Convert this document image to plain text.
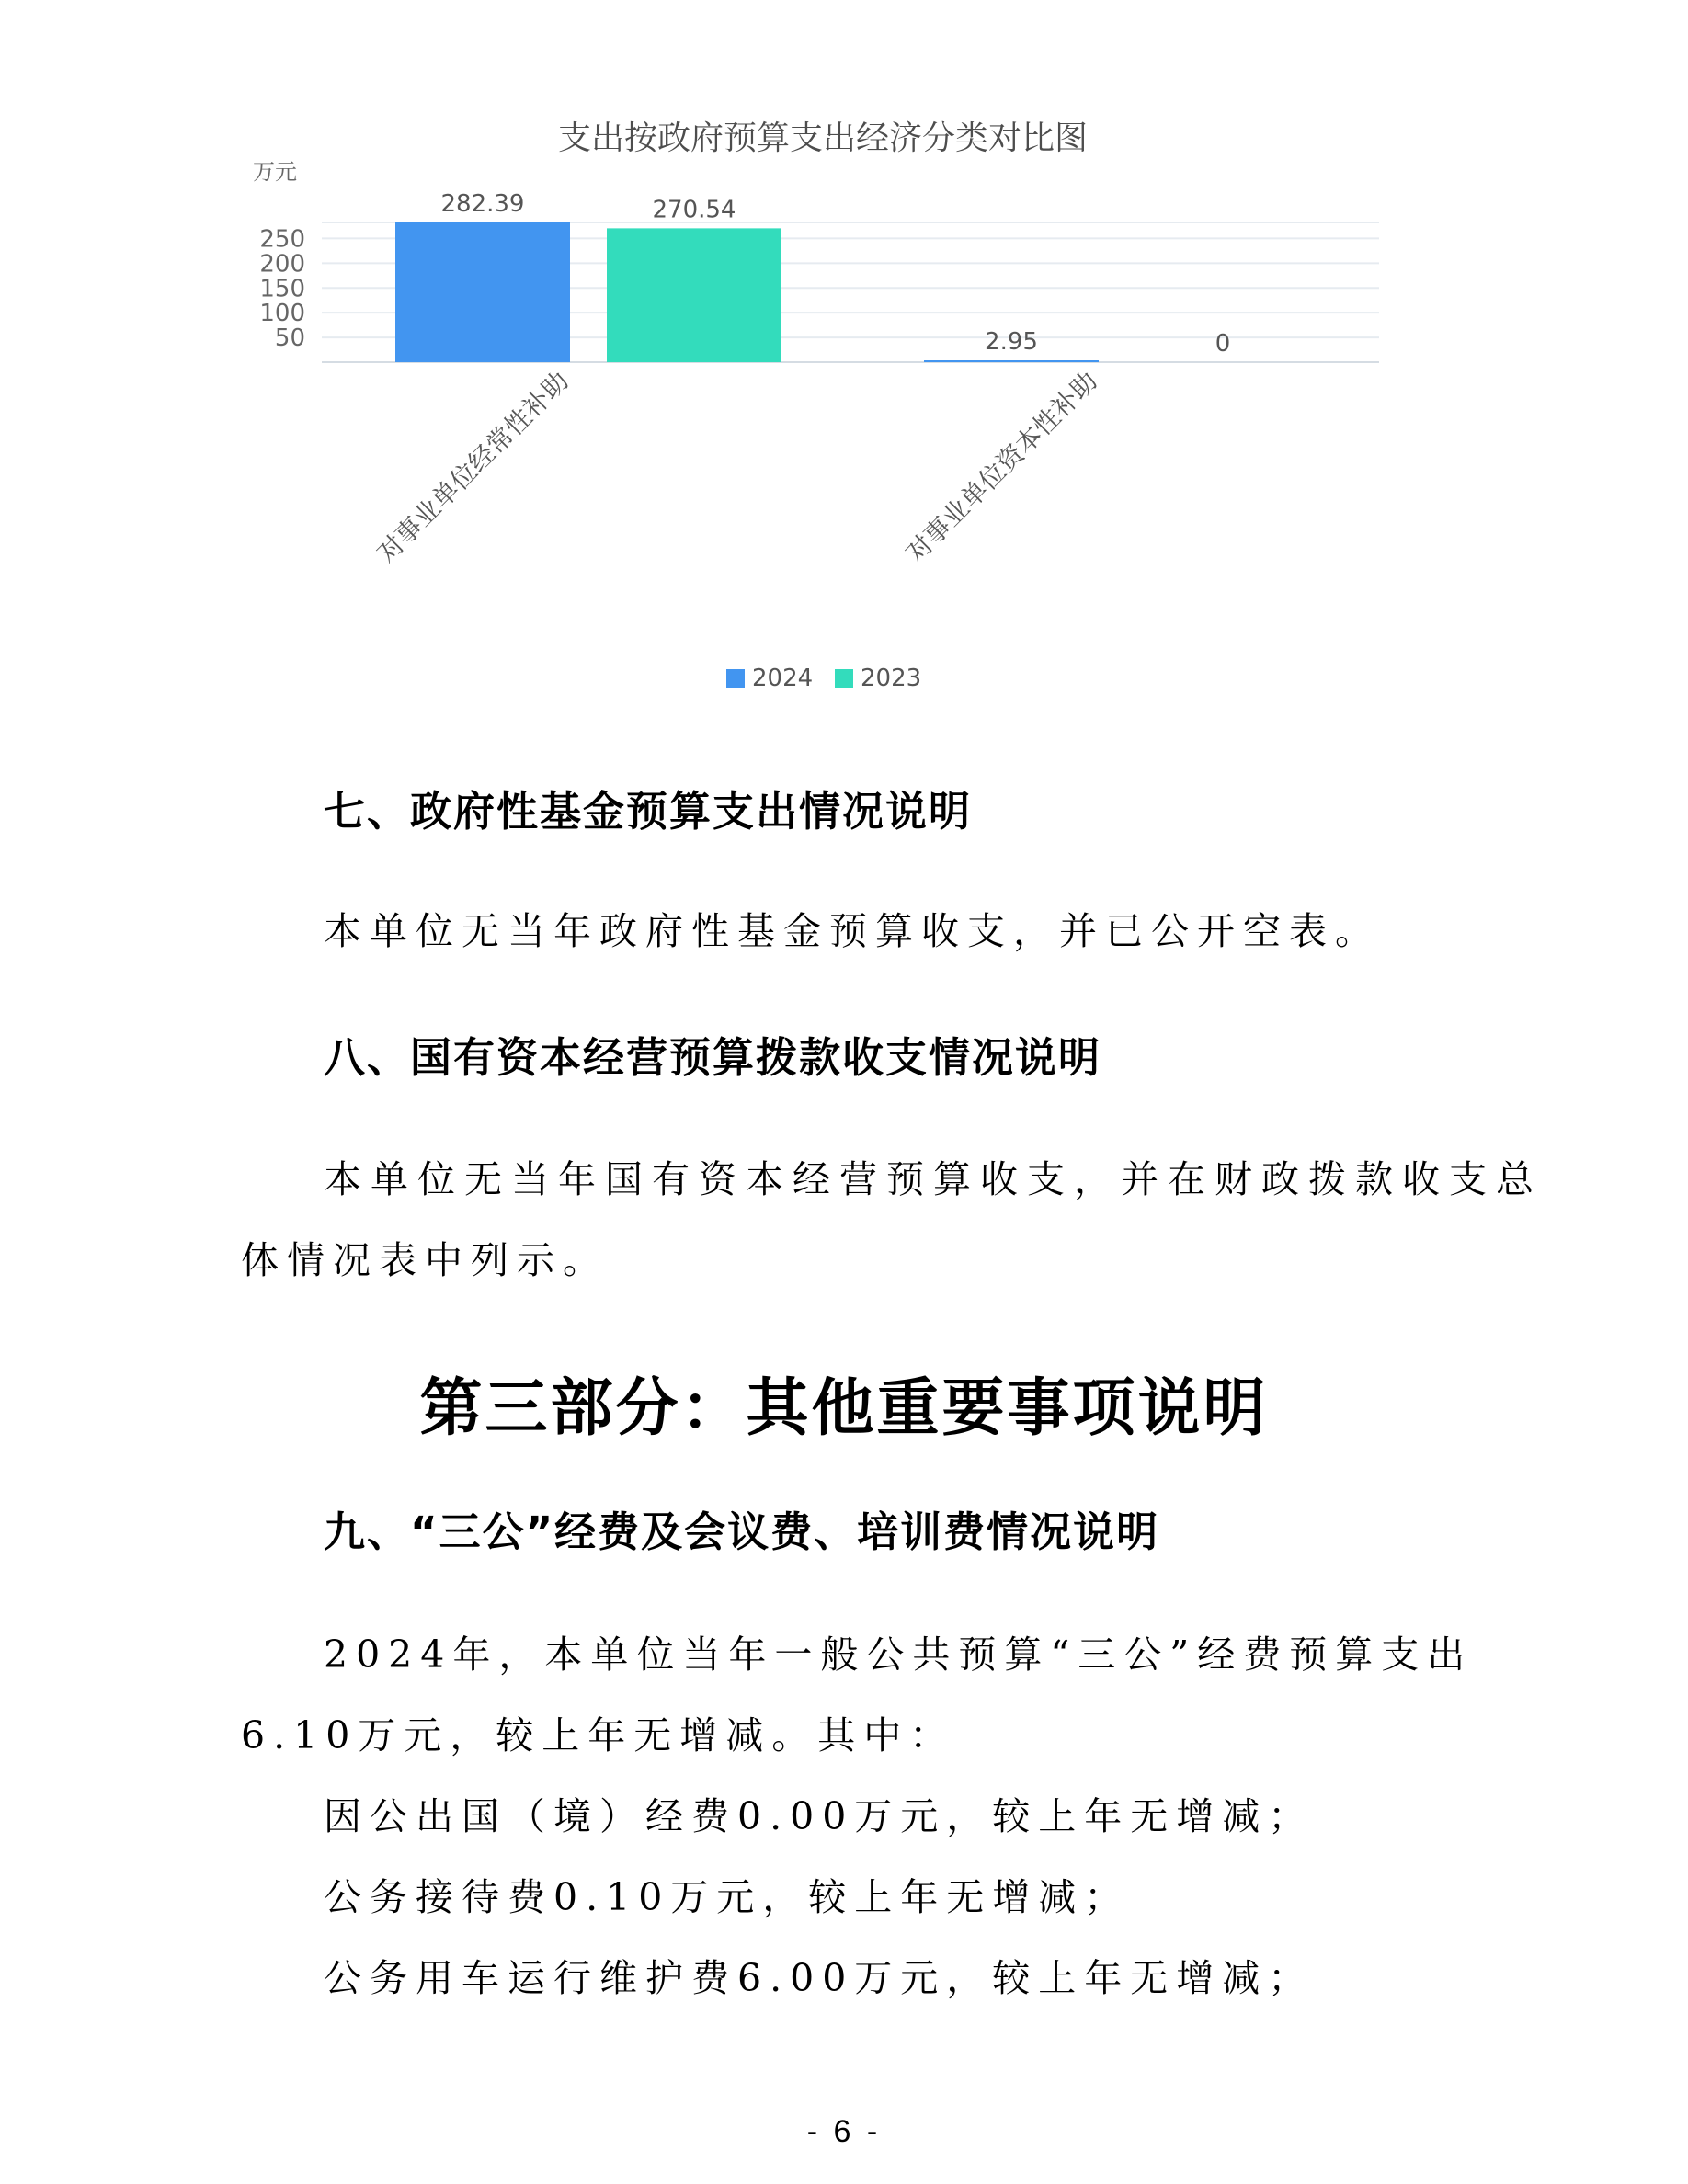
支出按政府预算支出经济分类对比图
万元
50
100
150
200
250
282.39	270.54
2.95	0
对事业单位经常性补助	对事业单位资本性补助
2024 2023
七、政府性基金预算支出情况说明
本单位无当年政府性基金预算收支，并已公开空表。
八、国有资本经营预算拨款收支情况说明
本单位无当年国有资本经营预算收支，并在财政拨款收支总
体情况表中列示。
第三部分：其他重要事项说明
九、“三公”经费及会议费、培训费情况说明
2024年，本单位当年一般公共预算“三公”经费预算支出
6.10万元，较上年无增减。其中：
因公出国（境）经费0.00万元，较上年无增减；
公务接待费0.10万元，较上年无增减；
公务用车运行维护费6.00万元，较上年无增减；
- 6 -
